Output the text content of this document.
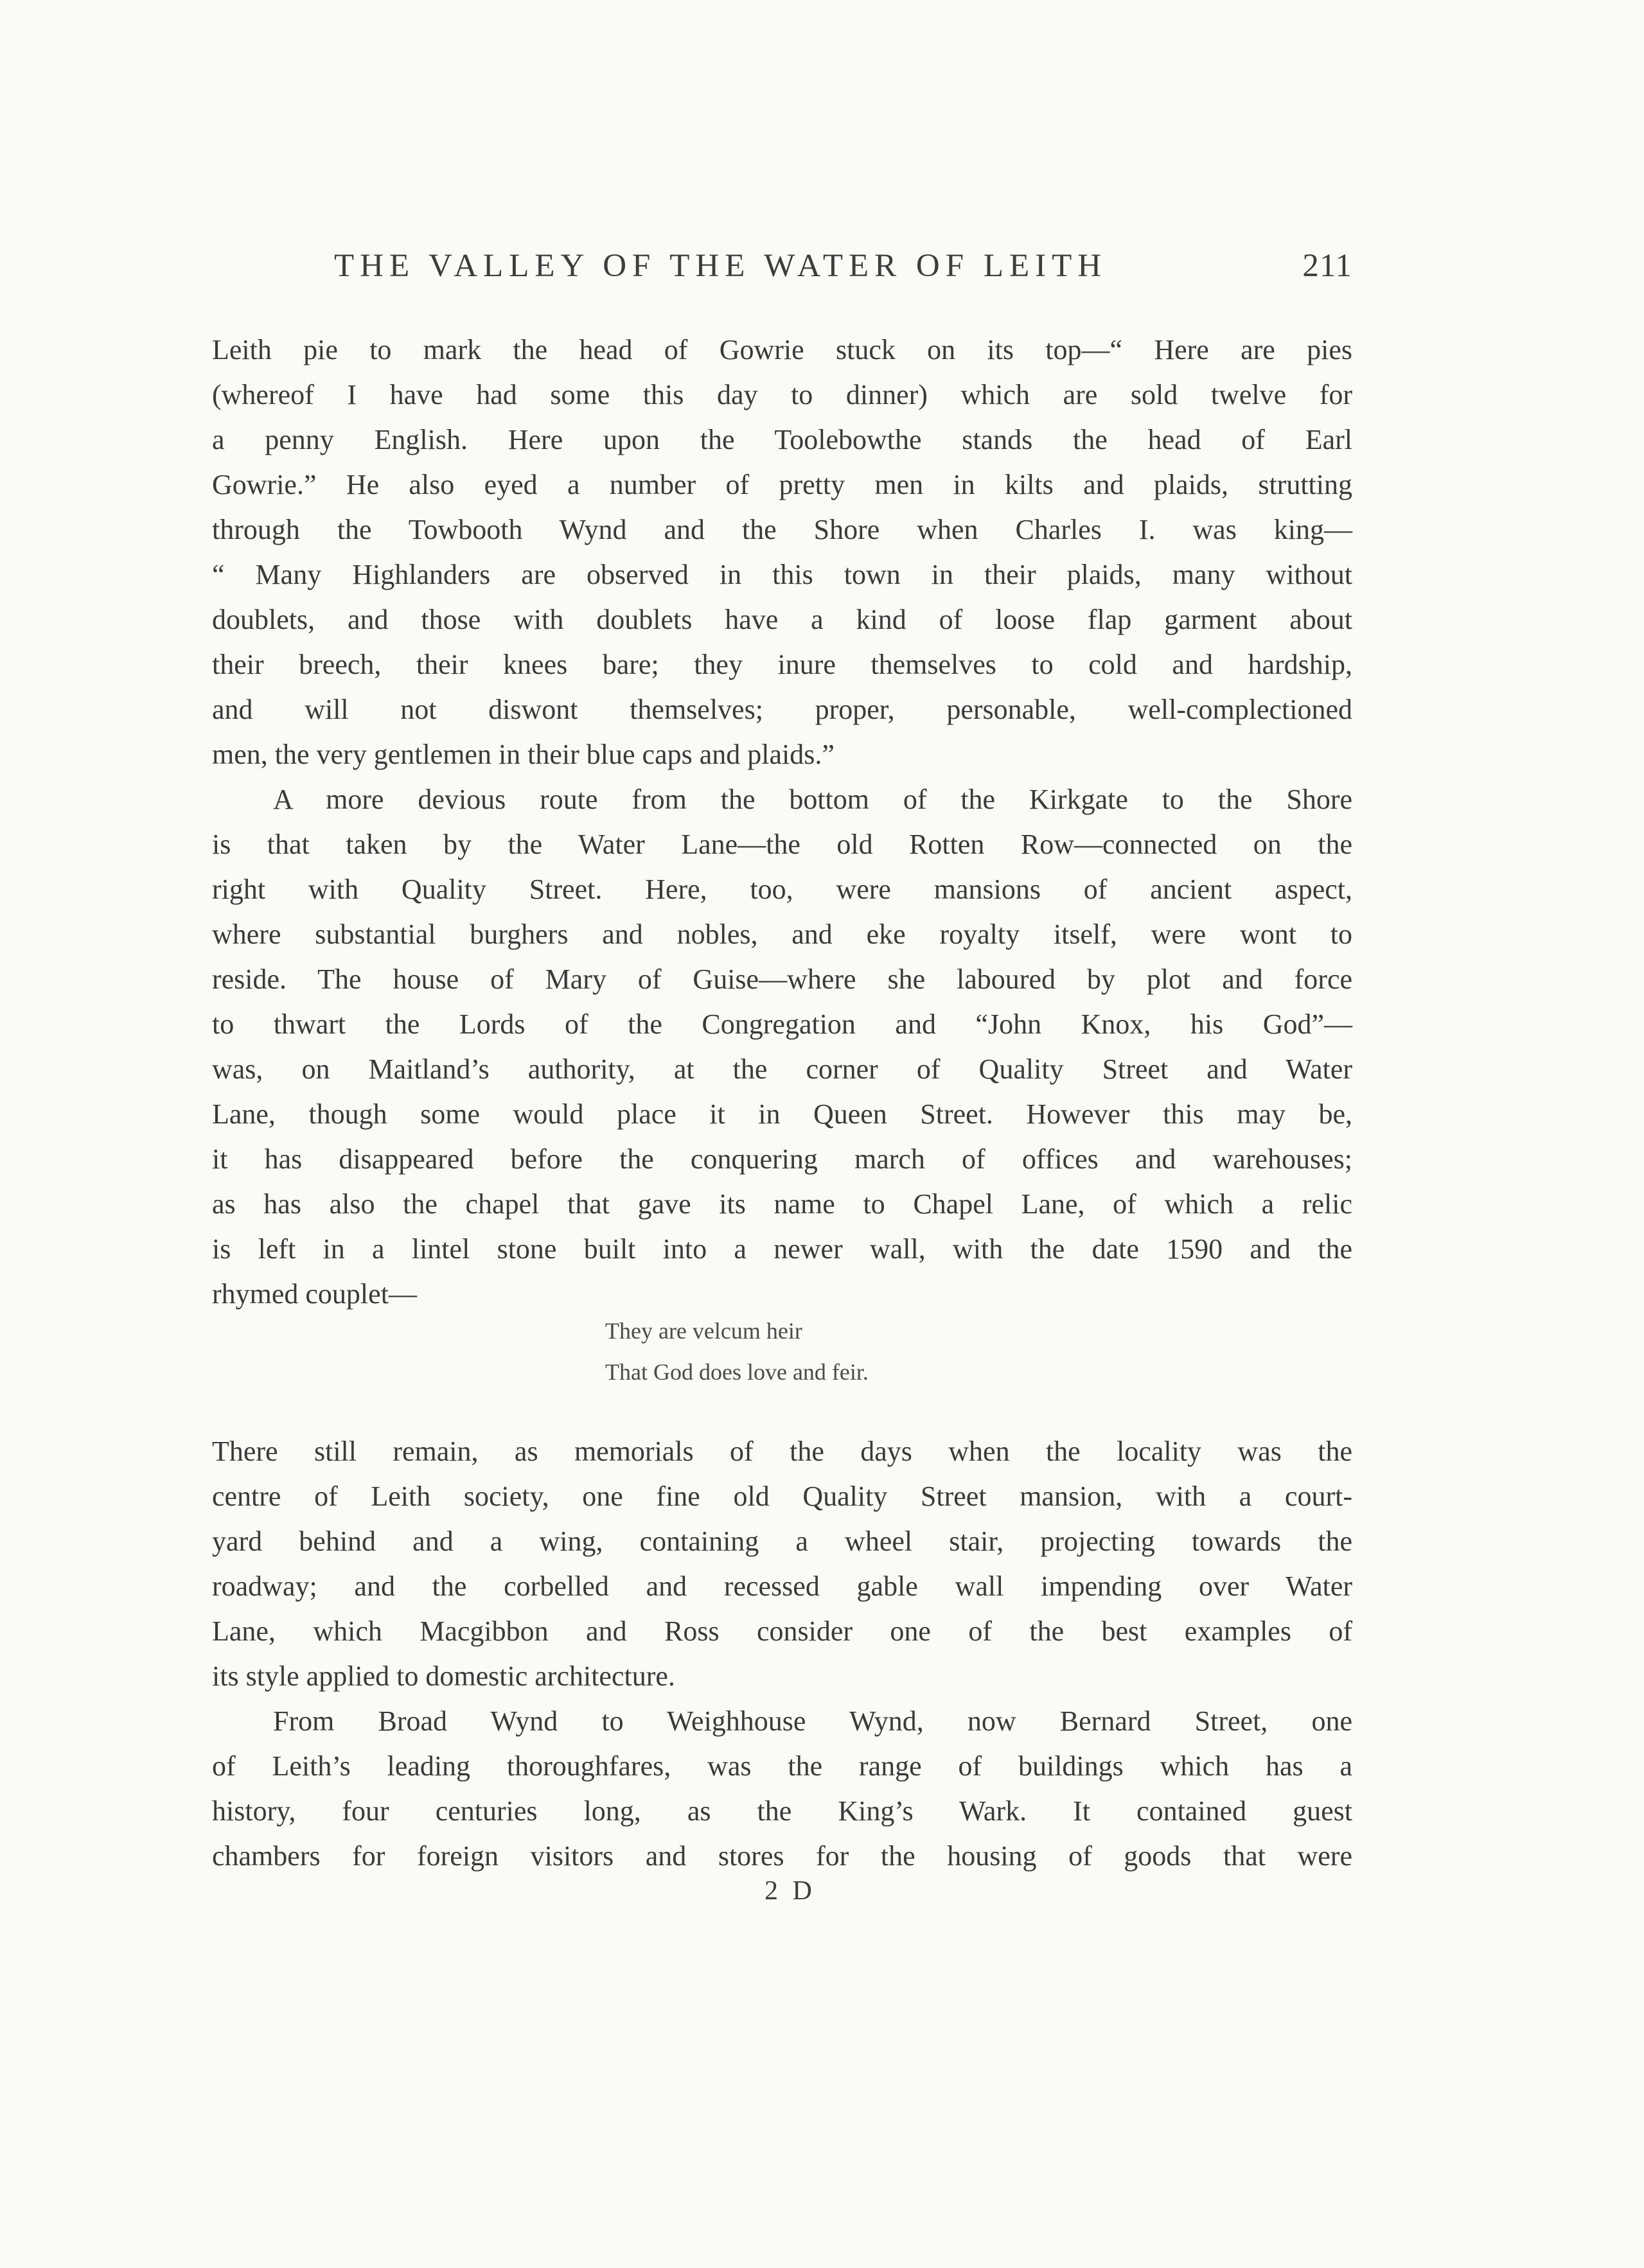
THE VALLEY OF THE WATER OF LEITH	211
Leith pie to mark the head of Gowrie stuck on its top—“ Here are pies
(whereof I have had some this day to dinner) which are sold twelve for
a penny English. Here upon the Toolebowthe stands the head of Earl
Gowrie.” He also eyed a number of pretty men in kilts and plaids, strutting
through the Towbooth Wynd and the Shore when Charles I. was king—
“ Many Highlanders are observed in this town in their plaids, many without
doublets, and those with doublets have a kind of loose flap garment about
their breech, their knees bare; they inure themselves to cold and hardship,
and will not diswont themselves; proper, personable, well-complectioned
men, the very gentlemen in their blue caps and plaids.”
A more devious route from the bottom of the Kirkgate to the Shore
is that taken by the Water Lane—the old Rotten Row—connected on the
right with Quality Street. Here, too, were mansions of ancient aspect,
where substantial burghers and nobles, and eke royalty itself, were wont to
reside. The house of Mary of Guise—where she laboured by plot and force
to thwart the Lords of the Congregation and “John Knox, his God”—
was, on Maitland’s authority, at the corner of Quality Street and Water
Lane, though some would place it in Queen Street. However this may be,
it has disappeared before the conquering march of offices and warehouses;
as has also the chapel that gave its name to Chapel Lane, of which a relic
is left in a lintel stone built into a newer wall, with the date 1590 and the
rhymed couplet—
They are velcum heir
That God does love and feir.
There still remain, as memorials of the days when the locality was the
centre of Leith society, one fine old Quality Street mansion, with a court-
yard behind and a wing, containing a wheel stair, projecting towards the
roadway; and the corbelled and recessed gable wall impending over Water
Lane, which Macgibbon and Ross consider one of the best examples of
its style applied to domestic architecture.
From Broad Wynd to Weighhouse Wynd, now Bernard Street, one
of Leith’s leading thoroughfares, was the range of buildings which has a
history, four centuries long, as the King’s Wark. It contained guest
chambers for foreign visitors and stores for the housing of goods that were
2 D
